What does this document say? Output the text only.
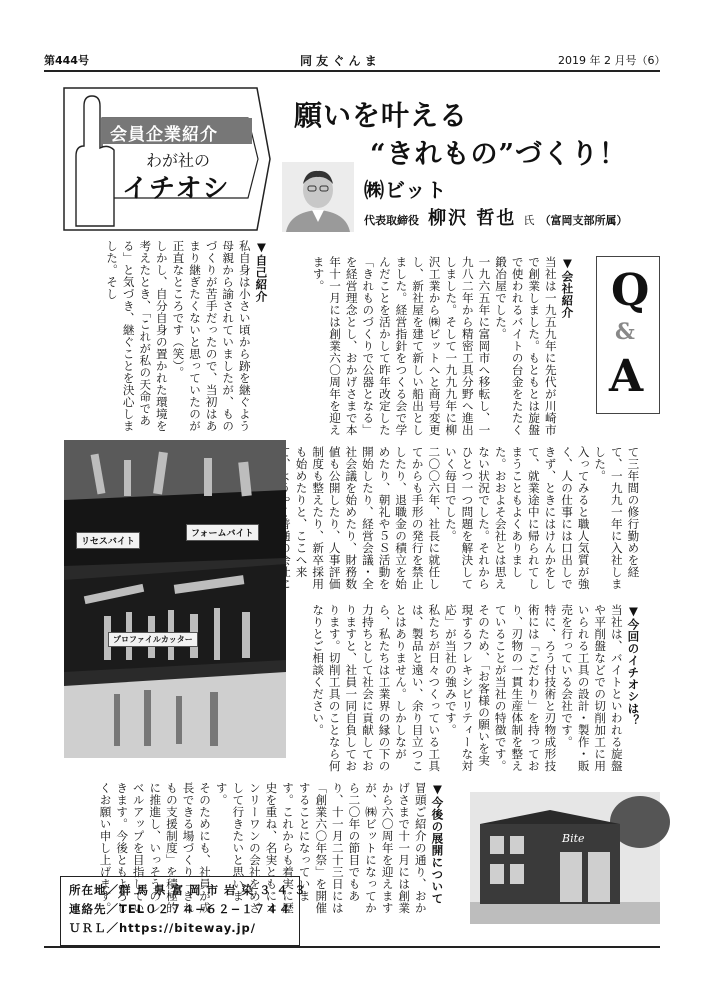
第444号	同 友 ぐ ん ま	2019 年 2 月号（6）
会員企業紹介
わが社の
イチオシ
願いを叶える
“きれもの”づくり！
㈱ビット
代表取締役 柳沢 哲也 氏 （富岡支部所属）
Q
&
A

▼会社紹介
当社は一九五九年に先代が川崎市で創業しました。もともとは旋盤で使われるバイトの台金をたたく鍛冶屋でした。
一九六五年に富岡市へ移転し、一九八二年から精密工具分野へ進出しました。そして一九九九年に柳沢工業から㈱ビットへと商号変更し、新社屋を建て新しい船出としました。経営指針をつくる会で学んだことを活かして昨年改定した「きれものづくりで公器となる」を経営理念とし、おかげさまで本年十一月には創業六〇周年を迎えます。

▼自己紹介
私自身は小さい頃から跡を継ぐよう母親から諭されていましたが、ものづくりが苦手だったので、当初はあまり継ぎたくないと思っていたのが正直なところです（笑）。
しかし、自分自身の置かれた環境を考えたとき、「これが私の天命である」と気づき、継ぐことを決心しました。そし

て三年間の修行勤めを経て、一九九一年に入社しました。
入ってみると職人気質が強く、人の仕事には口出しできず、ときにはけんかをして、就業途中に帰られてしまうこともよくありました。おおよそ会社とは思えない状況でした。それからひとつ一つ問題を解決していく毎日でした。
二〇〇六年、社長に就任してからも手形の発行を禁止したり、退職金の積立を始めたり、朝礼や５Ｓ活動を開始したり、経営会議・全社会議を始めたり、財務数値も公開したり、人事評価制度も整えたり、新卒採用も始めたりと、ここへ来

リセスバイト
フォームバイト
プロファイルカッター	▼今回のイチオシは？
当社は、バイトといわれる旋盤や平削盤などでの切削加工に用いられる工具の設計・製作・販売を行っている会社です。
特に、ろう付技術と刃物成形技術には「こだわり」を持っており、刃物の一貫生産体制を整えていることが当社の特徴です。
そのため、「お客様の願いを実現するフレキシビリティーな対応」が当社の強みです。
私たちが日々つくっている工具は、製品と遠い、余り目立つことはありません。しかしながら、私たちは工業界の縁の下の力持ちとして社会に貢献しておりますと、社員一同自負しております。切削工具のことなら何なりとご相談ください。

▼今後の展開について
冒頭ご紹介の通り、おかげさまで十一月には創業から六〇周年を迎えますが、㈱ビットになってから二〇年の節目でもあり、十一月二十三日には「創業六〇年祭」を開催することになっています。これからも着実に歴史を重ね、名実ともにオンリーワンの会社をめざして行きたいと思います。
そのためにも、社員が成長できる場づくり「きれもの支援制度」を積極的に推進し、いっそうのレベルアップを目指していきます。今後ともよろしくお願い申し上げます。	Bite
所在地／群 馬 県 富 岡 市 岩 染 ３ ４ ３
連絡先／TEL０２７４−６２−１７４４
ＵＲＬ／https://biteway.jp/
